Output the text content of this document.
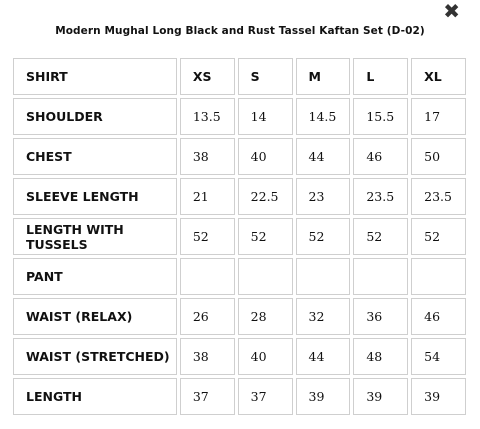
✖
Modern Mughal Long Black and Rust Tassel Kaftan Set (D-02)
SHIRT	XS	S	M	L	XL
SHOULDER	13.5	14	14.5	15.5	17
CHEST	38	40	44	46	50
SLEEVE LENGTH	21	22.5	23	23.5	23.5
LENGTH WITH TUSSELS	52	52	52	52	52
PANT					
WAIST (RELAX)	26	28	32	36	46
WAIST (STRETCHED)	38	40	44	48	54
LENGTH	37	37	39	39	39
